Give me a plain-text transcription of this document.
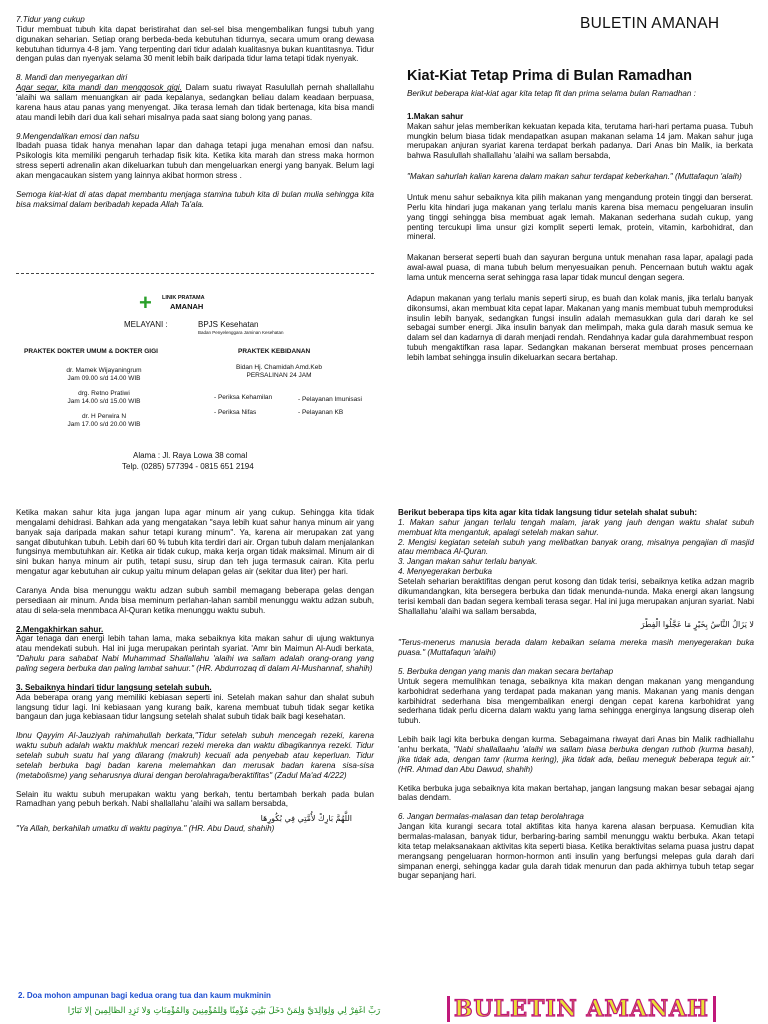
7.Tidur yang cukup

Tidur membuat tubuh kita dapat beristirahat dan sel-sel bisa mengembalikan fungsi tubuh yang digunakan seharian. Setiap orang berbeda-beda kebutuhan tidurnya, secara umum orang dewasa kebutuhan tidurnya 4-8 jam. Yang terpenting dari tidur adalah kualitasnya bukan kuantitasnya. Tidur dengan pulas dan nyenyak selama 30 menit lebih baik daripada tidur lama tetapi tidak nyenyak.

8. Mandi dan menyegarkan diri

Agar segar, kita mandi dan menggosok gigi. Dalam suatu riwayat Rasulullah pernah shallallahu 'alaihi wa sallam menuangkan air pada kepalanya, sedangkan beliau dalam keadaan berpuasa, karena haus atau panas yang menyengat. Jika terasa lemah dan tidak bertenaga, kita bisa mandi atau mandi lebih dari dua kali sehari misalnya pada saat siang bolong yang panas.

9.Mengendalikan emosi dan nafsu

Ibadah puasa tidak hanya menahan lapar dan dahaga tetapi juga menahan emosi dan nafsu. Psikologis kita memiliki pengaruh terhadap fisik kita. Ketika kita marah dan stress maka hormon stress seperti adrenalin akan dikeluarkan tubuh dan mengeluarkan energi yang banyak. Belum lagi akan mengacaukan sistem yang lainnya akibat hormon stress .

Semoga kiat-kiat di atas dapat membantu menjaga stamina tubuh kita di bulan mulia sehingga kita bisa maksimal dalam beribadah kepada Allah Ta'ala.

+ LINIK PRATAMA
AMANAH
MELAYANI :	BPJS Kesehatan
Badan Penyelenggara Jaminan Kesehatan
PRAKTEK DOKTER UMUM & DOKTER GIGI	PRAKTEK KEBIDANAN
dr. Mamek Wijayaningrum
Jam 09.00 s/d 14.00 WIB
drg. Retno Pratiwi
Jam 14.00 s/d 15.00 WIB
dr. H Perwira N
Jam 17.00 s/d 20.00 WIB
Bidan Hj. Chamidah Amd.Keb
PERSALINAN 24 JAM
- Periksa Kehamilan	- Pelayanan Imunisasi
- Periksa Nifas	- Pelayanan KB
Alama : Jl. Raya Lowa 38 comal
Telp. (0285) 577394 - 0815 651 2194
BULETIN AMANAH
Kiat-Kiat Tetap Prima di Bulan Ramadhan

Berikut beberapa kiat-kiat agar kita tetap fit dan prima selama bulan Ramadhan :

1.Makan sahur

Makan sahur jelas memberikan kekuatan kepada kita, terutama hari-hari pertama puasa. Tubuh mungkin belum biasa tidak mendapatkan asupan makanan selama 14 jam. Makan sahur juga merupakan anjuran syariat karena terdapat berkah padanya. Dari Anas bin Malik, ia berkata bahwa Rasulullah shallallahu 'alaihi wa sallam bersabda,

"Makan sahurlah kalian karena dalam makan sahur terdapat keberkahan." (Muttafaqun 'alaih)

Untuk menu sahur sebaiknya kita pilih makanan yang mengandung protein tinggi dan berserat. Perlu kita hindari juga makanan yang terlalu manis karena bisa memacu pengeluaran insulin yang tinggi sehingga bisa membuat agak lemah. Makanan sederhana sudah cukup, yang penting tercukupi lima unsur gizi komplit seperti lemak, protein, vitamin, karbohidrat, dan mineral.

Makanan berserat seperti buah dan sayuran berguna untuk menahan rasa lapar, apalagi pada awal-awal puasa, di mana tubuh belum menyesuaikan penuh. Pencernaan butuh waktu agak lama untuk mencerna serat sehingga rasa lapar tidak muncul dengan segera.

Adapun makanan yang terlalu manis seperti sirup, es buah dan kolak manis, jika terlalu banyak dikonsumsi, akan membuat kita cepat lapar. Makanan yang manis membuat tubuh memproduksi insulin lebih banyak, sedangkan fungsi insulin adalah memasukkan gula dari darah ke sel sebagai sumber energi. Jika insulin banyak dan melimpah, maka gula darah masuk semua ke dalam sel dan kadarnya di darah menjadi rendah. Rendahnya kadar gula darahmembuat respon tubuh mengaktifkan rasa lapar. Sedangkan makanan berserat membuat proses pencernaan lebih lambat sehingga insulin dikeluarkan secara bertahap.

Ketika makan sahur kita juga jangan lupa agar minum air yang cukup. Sehingga kita tidak mengalami dehidrasi. Bahkan ada yang mengatakan "saya lebih kuat sahur hanya minum air yang banyak saja daripada makan sahur tetapi kurang minum". Ya, karena air merupakan zat yang sangat dibutuhkan tubuh. Lebih dari 60 % tubuh kita terdiri dari air. Organ tubuh dalam menjalankan fungsinya membutuhkan air. Ketika air tidak cukup, maka kerja organ tidak maksimal. Minum air di sini bukan hanya minum air putih, tetapi susu, sirup dan teh juga termasuk cairan. Kita perlu mengatur agar kebutuhan air cukup yaitu minum delapan gelas air (sekitar dua liter) per hari.

Caranya Anda bisa menunggu waktu adzan subuh sambil memagang beberapa gelas dengan persediaan air minum. Anda bisa meminum perlahan-lahan sambil menunggu waktu adzan subuh, atau di sela-sela menmbaca Al-Quran ketika menunggu waktu subuh.

2.Mengakhirkan sahur.

Agar tenaga dan energi lebih tahan lama, maka sebaiknya kita makan sahur di ujung waktunya atau mendekati subuh. Hal ini juga merupakan perintah syariat. 'Amr bin Maimun Al-Audi berkata, "Dahulu para sahabat Nabi Muhammad Shallallahu 'alaihi wa sallam adalah orang-orang yang paling segera berbuka dan paling lambat sahuur." (HR. Abdurrozaq di dalam Al-Mushannaf, shahih)

3. Sebaiknya hindari tidur langsung setelah subuh.

Ada beberapa orang yang memiliki kebiasan seperti ini. Setelah makan sahur dan shalat subuh langsung tidur lagi. Ini kebiasaan yang kurang baik, karena membuat tubuh tidak segar ketika bangaun dan juga kebiasaan tidur langsung setelah shalat subuh tidak baik bagi kesehatan.

Ibnu Qayyim Al-Jauziyah rahimahullah berkata,"Tidur setelah subuh mencegah rezeki, karena waktu subuh adalah waktu makhluk mencari rezeki mereka dan waktu dibagikannya rezeki. Tidur setelah subuh suatu hal yang dilarang (makruh) kecuali ada penyebab atau keperluan. Tidur setelah berbuka bagi badan karena melemahkan dan merusak badan karena sisa-sisa (metabolisme) yang seharusnya diurai dengan berolahraga/beraktifitas" (Zadul Ma'ad 4/222)

Selain itu waktu subuh merupakan waktu yang berkah, tentu bertambah berkah pada bulan Ramadhan yang pebuh berkah. Nabi shallallahu 'alaihi wa sallam bersabda,

اللَّهُمَّ بَارِكْ لأُمَّتِي فِي بُكُورِهَا

"Ya Allah, berkahilah umatku di waktu paginya." (HR. Abu Daud, shahih)

Berikut beberapa tips kita agar kita tidak langsung tidur setelah shalat subuh:

1. Makan sahur jangan terlalu tengah malam, jarak yang jauh dengan waktu shalat subuh membuat kita mengantuk, apalagi setelah makan sahur.

2. Mengisi kegiatan setelah subuh yang melibatkan banyak orang, misalnya pengajian di masjid atau membaca Al-Quran.

3. Jangan makan sahur terlalu banyak.

4. Menyegerakan berbuka

Setelah seharian beraktifitas dengan perut kosong dan tidak terisi, sebaiknya ketika adzan magrib dikumandangkan, kita bersegera berbuka dan tidak menunda-nunda. Maka energi akan langsung terisi kembali dan badan segera kembali terasa segar. Hal ini juga merupakan anjuran syariat. Nabi Shallallahu 'alaihi wa sallam bersabda,

لا يَزَالُ النَّاسُ بِخَيْرٍ مَا عَجَّلُوا الْفِطْرَ

"Terus-menerus manusia berada dalam kebaikan selama mereka masih menyegerakan buka puasa." (Muttafaqun 'alaihi)

5. Berbuka dengan yang manis dan makan secara bertahap

Untuk segera memulihkan tenaga, sebaiknya kita makan dengan makanan yang mengandung karbohidrat sederhana yang terdapat pada makanan yang manis. Makanan yang manis dengan karbihidrat sederhana bisa mengembalikan energi dengan cepat karena karbohidrat yang sederhana tidak perlu dicerna dalam waktu yang lama sehingga energinya langsung diserap oleh tubuh.

Lebih baik lagi kita berbuka dengan kurma. Sebagaimana riwayat dari Anas bin Malik radhiallahu 'anhu berkata, "Nabi shallallaahu 'alaihi wa sallam biasa berbuka dengan ruthob (kurma basah), jika tidak ada, dengan tamr (kurma kering), jika tidak ada, beliau meneguk beberapa teguk air." (HR. Ahmad dan Abu Dawud, shahih)

Ketika berbuka juga sebaiknya kita makan bertahap, jangan langsung makan besar sebagai ajang balas dendam.

6. Jangan bermalas-malasan dan tetap berolahraga

Jangan kita kurangi secara total aktifitas kita hanya karena alasan berpuasa. Kemudian kita bermalas-malasan, banyak tidur, berbaring-baring sambil menunggu waktu berbuka. Akan tetapi kita tetap melaksanakaan aktivitas kita seperti biasa. Ketika beraktivitas selama puasa justru dapat merangsang pengeluaran hormon-hormon anti insulin yang berfungsi melepas gula darah dari simpanan energi, sehingga kadar gula darah tidak menurun dan pada akhirnya tubuh tetap segar bugar sepanjang hari.

2. Doa mohon ampunan bagi kedua orang tua dan kaum mukminin
رَبِّ اغْفِرْ لِي وَلِوَالِدَيَّ وَلِمَنْ دَخَلَ بَيْتِيَ مُؤْمِنًا وَلِلْمُؤْمِنِينَ وَالْمُؤْمِنَاتِ وَلَا تَزِدِ الظَّالِمِينَ إِلَّا تَبَارًا	BULETIN AMANAH
